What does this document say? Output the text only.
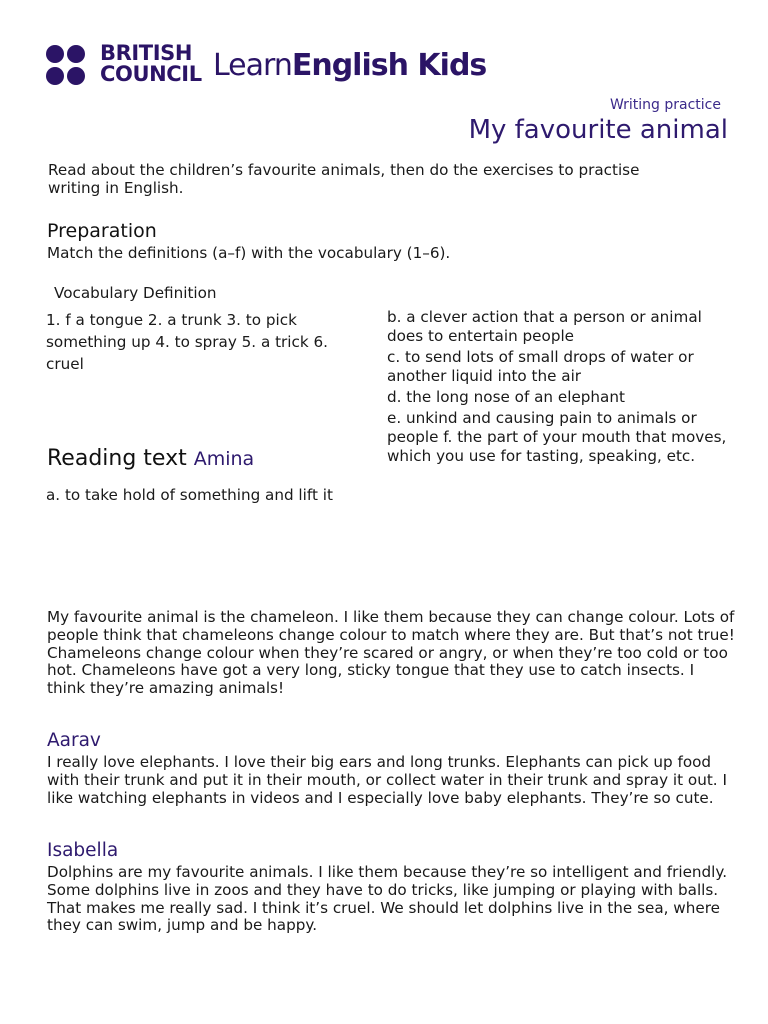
BRITISH
COUNCIL LearnEnglish Kids
Writing practice
My favourite animal
Read about the children’s favourite animals, then do the exercises to practise writing in English.
Preparation
Match the definitions (a–f) with the vocabulary (1–6).
Vocabulary Definition
1. f a tongue 2. a trunk 3. to pick something up 4. to spray 5. a trick 6. cruel

b. a clever action that a person or animal does to entertain people

c. to send lots of small drops of water or another liquid into the air

d. the long nose of an elephant

e. unkind and causing pain to animals or people f. the part of your mouth that moves, which you use for tasting, speaking, etc.

Reading text Amina
a. to take hold of something and lift it
My favourite animal is the chameleon. I like them because they can change colour. Lots of people think that chameleons change colour to match where they are. But that’s not true! Chameleons change colour when they’re scared or angry, or when they’re too cold or too hot. Chameleons have got a very long, sticky tongue that they use to catch insects. I think they’re amazing animals!
Aarav
I really love elephants. I love their big ears and long trunks. Elephants can pick up food with their trunk and put it in their mouth, or collect water in their trunk and spray it out. I like watching elephants in videos and I especially love baby elephants. They’re so cute.
Isabella
Dolphins are my favourite animals. I like them because they’re so intelligent and friendly. Some dolphins live in zoos and they have to do tricks, like jumping or playing with balls. That makes me really sad. I think it’s cruel. We should let dolphins live in the sea, where they can swim, jump and be happy.
